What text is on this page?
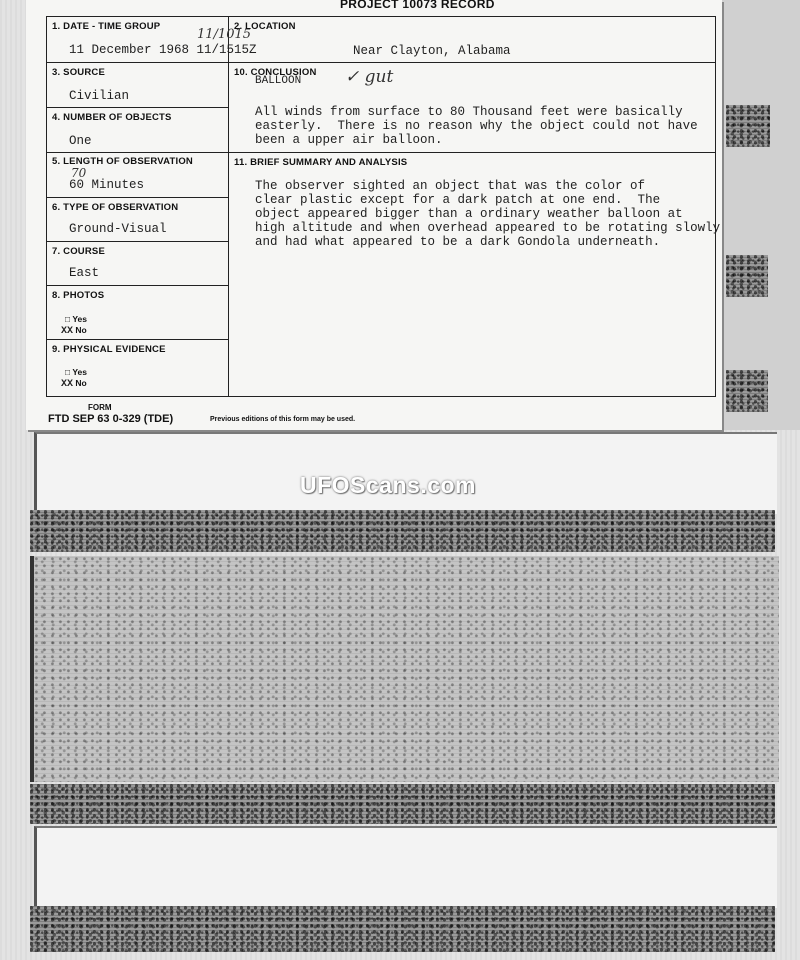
PROJECT 10073 RECORD
1. DATE - TIME GROUP
11/1015
11 December 1968 11/1515Z
2. LOCATION
Near Clayton, Alabama
3. SOURCE
Civilian
4. NUMBER OF OBJECTS
One
5. LENGTH OF OBSERVATION
70
60 Minutes
6. TYPE OF OBSERVATION
Ground-Visual
7. COURSE
East
8. PHOTOS
□ Yes
XX No
9. PHYSICAL EVIDENCE
□ Yes
XX No
10. CONCLUSION
BALLOON	✓ gut
All winds from surface to 80 Thousand feet were basically
easterly.  There is no reason why the object could not have
been a upper air balloon.
11. BRIEF SUMMARY AND ANALYSIS
The observer sighted an object that was the color of
clear plastic except for a dark patch at one end.  The
object appeared bigger than a ordinary weather balloon at
high altitude and when overhead appeared to be rotating slowly
and had what appeared to be a dark Gondola underneath.
FORM
FTD SEP 63 0-329 (TDE)	Previous editions of this form may be used.
UFOScans.com
